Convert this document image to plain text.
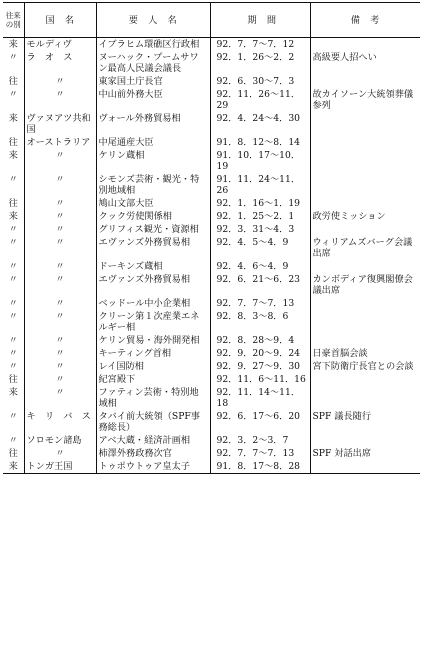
往来の別	国　名	要　人　名	期　間	備　考
来	モルディヴ	イブラヒム環礁区行政相	92．7．7～7．12	
〃	ラ　オ　ス	ヌーハック・プームサワン最高人民議会議長	92．1．26～2．2	高級要人招へい
往	〃	東家国土庁長官	92．6．30～7．3	
〃	〃	中山前外務大臣	92．11．26～11．29	故カイソーン大統領葬儀参列
来	ヴァヌアツ共和国	ヴォール外務貿易相	92．4．24～4．30	
往	オーストラリア	中尾通産大臣	91．8．12～8．14	
来	〃	ケリン蔵相	91．10．17～10．19	
〃	〃	シモンズ芸術・観光・特別地域相	91．11．24～11．26	
往	〃	鳩山文部大臣	92．1．16～1．19	
来	〃	クック労使関係相	92．1．25～2．1	政労使ミッション
〃	〃	グリフィス観光・資源相	92．3．31～4．3	
〃	〃	エヴァンズ外務貿易相	92．4．5～4．9	ウィリアムズバーグ会議出席
〃	〃	ドーキンズ蔵相	92．4．6～4．9	
〃	〃	エヴァンズ外務貿易相	92．6．21～6．23	カンボディア復興閣僚会議出席
〃	〃	ベッドール中小企業相	92．7．7～7．13	
〃	〃	クリーン第１次産業エネルギー相	92．8．3～8．6	
〃	〃	ケリン貿易・海外開発相	92．8．28～9．4	
〃	〃	キーティング首相	92．9．20～9．24	日豪首脳会談
〃	〃	レイ国防相	92．9．27～9．30	宮下防衛庁長官との会談
往	〃	紀宮殿下	92．11．6～11．16	
来	〃	ファティン芸術・特別地域相	92．11．14～11．18	
〃	キ　リ　バ　ス	タバイ前大統領（SPF事務総長）	92．6．17～6．20	SPF 議長随行
〃	ソロモン諸島	アベ大蔵・経済計画相	92．3．2～3．7	
往	〃	柿澤外務政務次官	92．7．7～7．13	SPF 対話出席
来	トンガ王国	トゥポウトゥア皇太子	91．8．17～8．28	
